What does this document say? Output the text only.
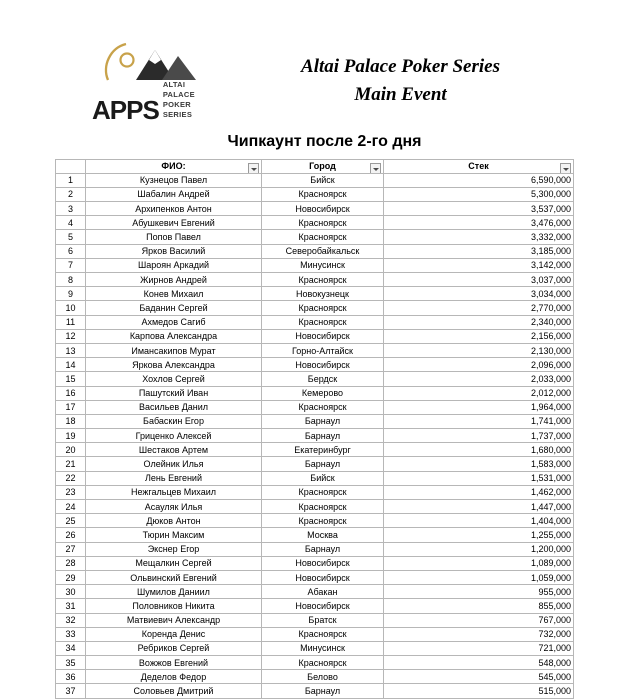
APPS
ALTAI PALACE
POKER SERIES
Altai Palace Poker Series
Main Event
Чипкаунт после 2-го дня
	ФИО:	Город	Стек

1	Кузнецов Павел	Бийск	6,590,000
2	Шабалин Андрей	Красноярск	5,300,000
3	Архипенков Антон	Новосибирск	3,537,000
4	Абушкевич Евгений	Красноярск	3,476,000
5	Попов Павел	Красноярск	3,332,000
6	Ярков Василий	Северобайкальск	3,185,000
7	Шароян Аркадий	Минусинск	3,142,000
8	Жирнов Андрей	Красноярск	3,037,000
9	Конев Михаил	Новокузнецк	3,034,000
10	Баданин Сергей	Красноярск	2,770,000
11	Ахмедов Сагиб	Красноярск	2,340,000
12	Карпова Александра	Новосибирск	2,156,000
13	Имансакипов Мурат	Горно-Алтайск	2,130,000
14	Яркова Александра	Новосибирск	2,096,000
15	Хохлов Сергей	Бердск	2,033,000
16	Пашутский Иван	Кемерово	2,012,000
17	Васильев Данил	Красноярск	1,964,000
18	Бабаскин Егор	Барнаул	1,741,000
19	Гриценко Алексей	Барнаул	1,737,000
20	Шестаков Артем	Екатеринбург	1,680,000
21	Олейник Илья	Барнаул	1,583,000
22	Лень Евгений	Бийск	1,531,000
23	Нежгальцев Михаил	Красноярск	1,462,000
24	Асауляк Илья	Красноярск	1,447,000
25	Дюков Антон	Красноярск	1,404,000
26	Тюрин Максим	Москва	1,255,000
27	Экснер Егор	Барнаул	1,200,000
28	Мещалкин Сергей	Новосибирск	1,089,000
29	Ольвинский Евгений	Новосибирск	1,059,000
30	Шумилов Даниил	Абакан	955,000
31	Половников Никита	Новосибирск	855,000
32	Матвиевич Александр	Братск	767,000
33	Коренда Денис	Красноярск	732,000
34	Ребриков Сергей	Минусинск	721,000
35	Вожжов Евгений	Красноярск	548,000
36	Деделов Федор	Белово	545,000
37	Соловьев Дмитрий	Барнаул	515,000
